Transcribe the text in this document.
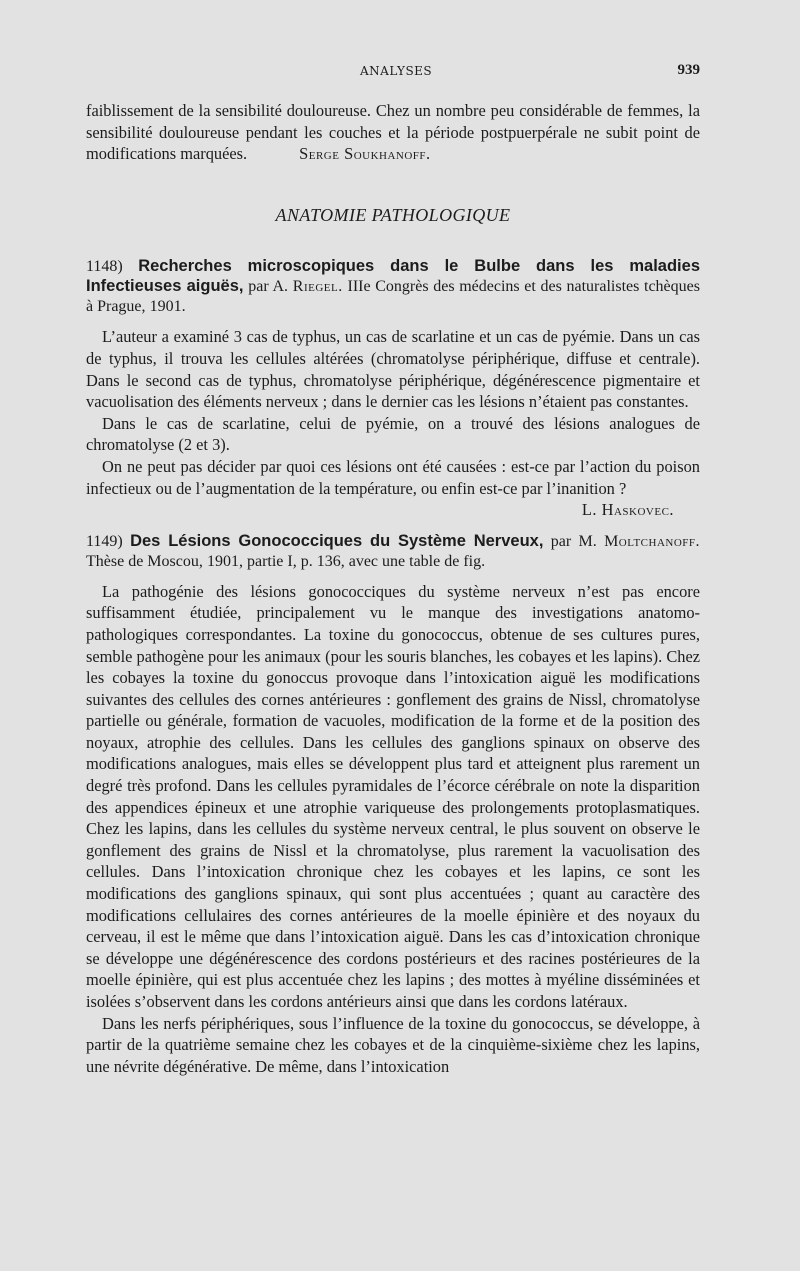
ANALYSES	939

faiblissement de la sensibilité douloureuse. Chez un nombre peu considérable de femmes, la sensibilité douloureuse pendant les couches et la période postpuerpérale ne subit point de modifications marquées.	Serge Soukhanoff.

ANATOMIE PATHOLOGIQUE

1148) Recherches microscopiques dans le Bulbe dans les maladies Infectieuses aiguës, par A. Riegel. IIIe Congrès des médecins et des naturalistes tchèques à Prague, 1901.

L’auteur a examiné 3 cas de typhus, un cas de scarlatine et un cas de pyémie. Dans un cas de typhus, il trouva les cellules altérées (chromatolyse périphérique, diffuse et centrale). Dans le second cas de typhus, chromatolyse périphérique, dégénérescence pigmentaire et vacuolisation des éléments nerveux ; dans le dernier cas les lésions n’étaient pas constantes.

Dans le cas de scarlatine, celui de pyémie, on a trouvé des lésions analogues de chromatolyse (2 et 3).

On ne peut pas décider par quoi ces lésions ont été causées : est-ce par l’action du poison infectieux ou de l’augmentation de la température, ou enfin est-ce par l’inanition ?

L. Haskovec.

1149) Des Lésions Gonococciques du Système Nerveux, par M. Moltchanoff. Thèse de Moscou, 1901, partie I, p. 136, avec une table de fig.

La pathogénie des lésions gonococciques du système nerveux n’est pas encore suffisamment étudiée, principalement vu le manque des investigations anatomo-pathologiques correspondantes. La toxine du gonococcus, obtenue de ses cultures pures, semble pathogène pour les animaux (pour les souris blanches, les cobayes et les lapins). Chez les cobayes la toxine du gonoccus provoque dans l’intoxication aiguë les modifications suivantes des cellules des cornes antérieures : gonflement des grains de Nissl, chromatolyse partielle ou générale, formation de vacuoles, modification de la forme et de la position des noyaux, atrophie des cellules. Dans les cellules des ganglions spinaux on observe des modifications analogues, mais elles se développent plus tard et atteignent plus rarement un degré très profond. Dans les cellules pyramidales de l’écorce cérébrale on note la disparition des appendices épineux et une atrophie variqueuse des prolongements protoplasmatiques. Chez les lapins, dans les cellules du système nerveux central, le plus souvent on observe le gonflement des grains de Nissl et la chromatolyse, plus rarement la vacuolisation des cellules. Dans l’intoxication chronique chez les cobayes et les lapins, ce sont les modifications des ganglions spinaux, qui sont plus accentuées ; quant au caractère des modifications cellulaires des cornes antérieures de la moelle épinière et des noyaux du cerveau, il est le même que dans l’intoxication aiguë. Dans les cas d’intoxication chronique se développe une dégénérescence des cordons postérieurs et des racines postérieures de la moelle épinière, qui est plus accentuée chez les lapins ; des mottes à myéline disséminées et isolées s’observent dans les cordons antérieurs ainsi que dans les cordons latéraux.

Dans les nerfs périphériques, sous l’influence de la toxine du gonococcus, se développe, à partir de la quatrième semaine chez les cobayes et de la cinquième-sixième chez les lapins, une névrite dégénérative. De même, dans l’intoxication
